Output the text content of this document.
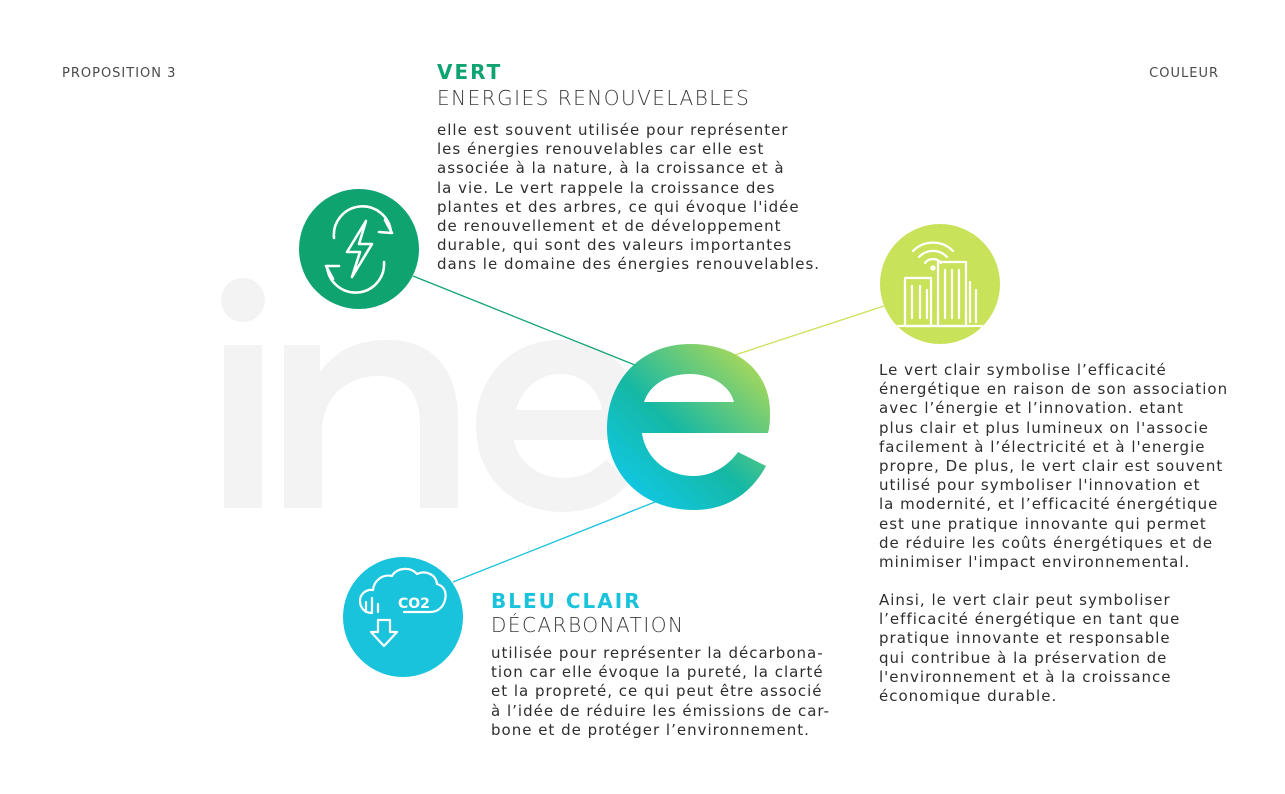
PROPOSITION 3	COULEUR
CO2
VERT
ENERGIES RENOUVELABLES

elle est souvent utilisée pour représenter
les énergies renouvelables car elle est
associée à la nature, à la croissance et à
la vie. Le vert rappele la croissance des
plantes et des arbres, ce qui évoque l'idée
de renouvellement et de développement
durable, qui sont des valeurs importantes
dans le domaine des énergies renouvelables.

BLEU CLAIR
DÉCARBONATION

utilisée pour représenter la décarbona-
tion car elle évoque la pureté, la clarté
et la propreté, ce qui peut être associé
à l’idée de réduire les émissions de car-
bone et de protéger l’environnement.

Le vert clair symbolise l’efficacité
énergétique en raison de son association
avec l’énergie et l’innovation. etant
plus clair et plus lumineux on l'associe
facilement à l’électricité et à l'energie
propre, De plus, le vert clair est souvent
utilisé pour symboliser l'innovation et
la modernité, et l’efficacité énergétique
est une pratique innovante qui permet
de réduire les coûts énergétiques et de
minimiser l'impact environnemental.

Ainsi, le vert clair peut symboliser
l’efficacité énergétique en tant que
pratique innovante et responsable
qui contribue à la préservation de
l'environnement et à la croissance
économique durable.
